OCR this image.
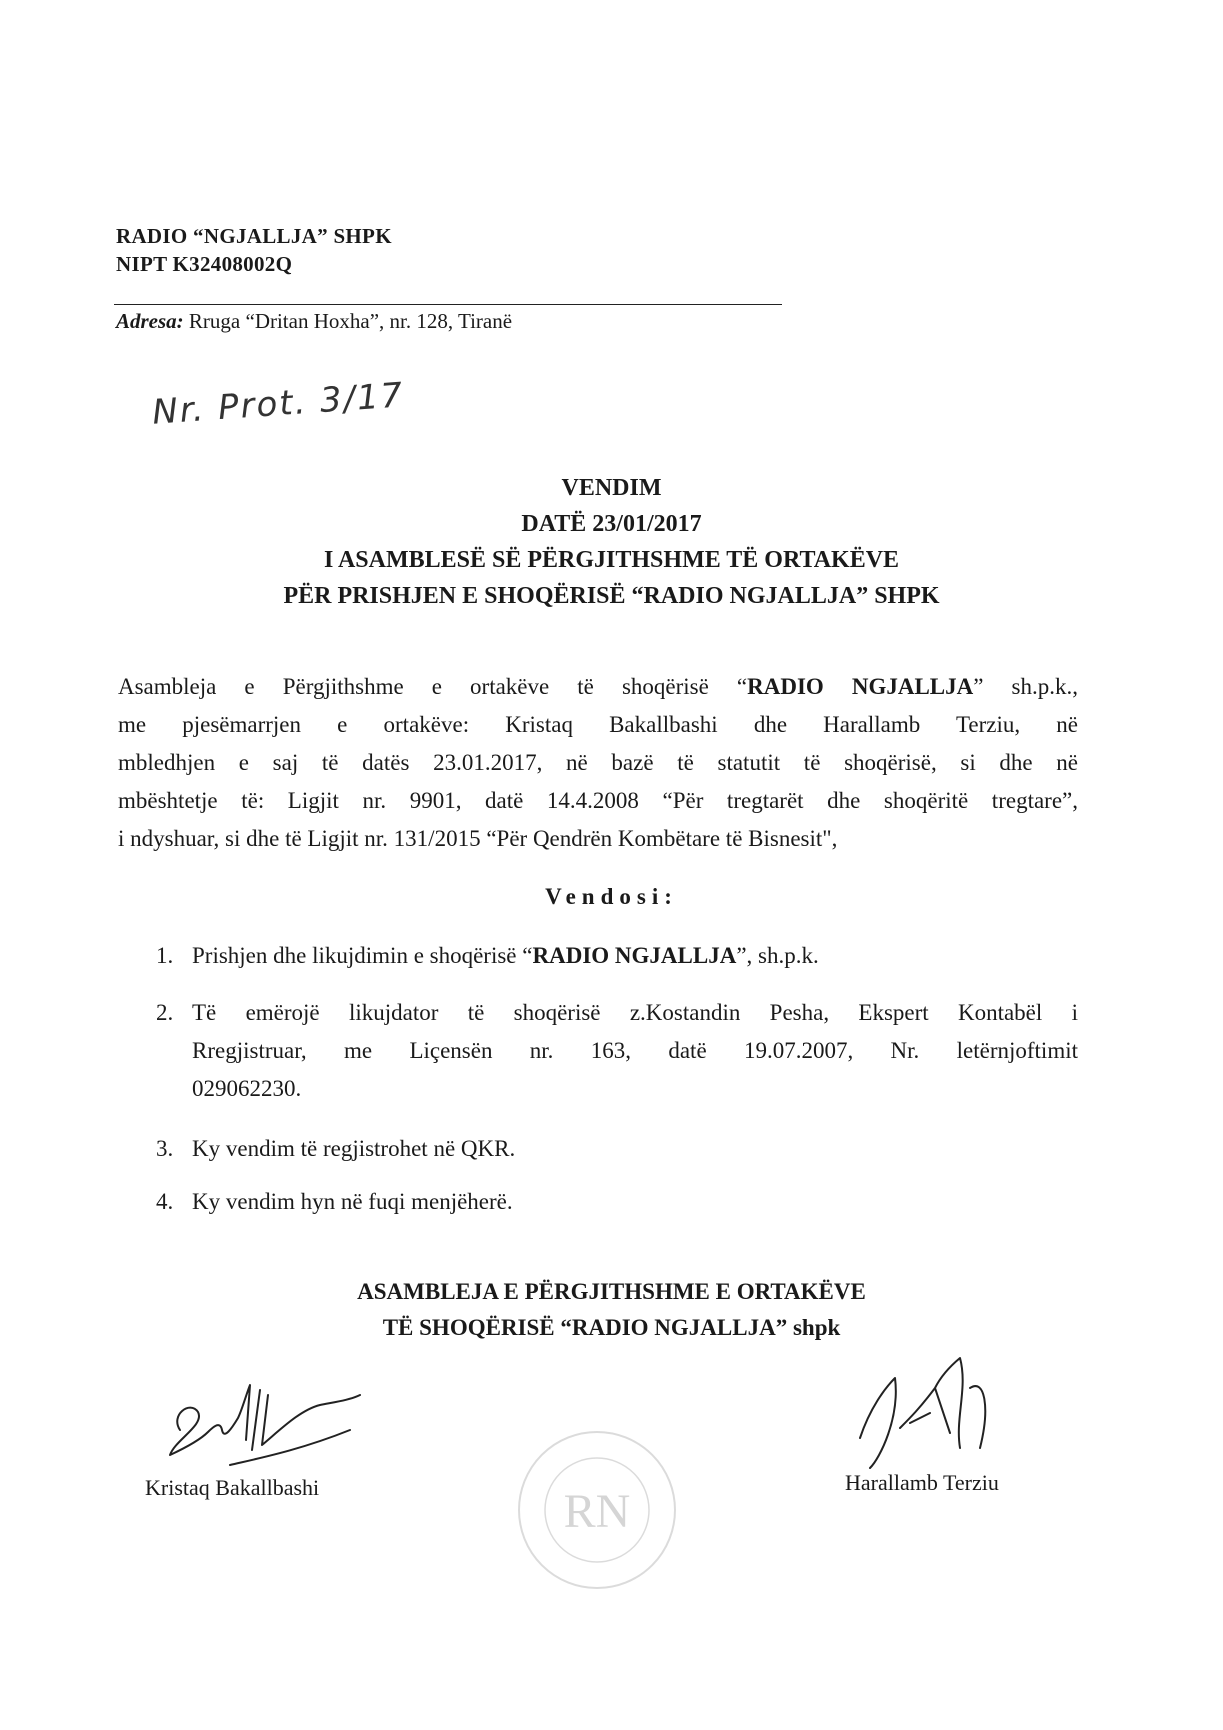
RADIO “NGJALLJA” SHPK
NIPT K32408002Q
Adresa: Rruga “Dritan Hoxha”, nr. 128, Tiranë
Nr. Prot. 3/17
VENDIM
DATË 23/01/2017
I ASAMBLESË SË PËRGJITHSHME TË ORTAKËVE
PËR PRISHJEN E SHOQËRISË “RADIO NGJALLJA” SHPK
Asambleja e Përgjithshme e ortakëve të shoqërisë “RADIO NGJALLJA” sh.p.k.,
me pjesëmarrjen e ortakëve: Kristaq Bakallbashi dhe Harallamb Terziu, në
mbledhjen e saj të datës 23.01.2017, në bazë të statutit të shoqërisë, si dhe në
mbështetje të: Ligjit nr. 9901, datë 14.4.2008 “Për tregtarët dhe shoqëritë tregtare”,
i ndyshuar, si dhe të Ligjit nr. 131/2015 “Për Qendrën Kombëtare të Bisnesit",
Vendosi:
1. Prishjen dhe likujdimin e shoqërisë “RADIO NGJALLJA”, sh.p.k.
2. Të emërojë likujdator të shoqërisë z.Kostandin Pesha, Ekspert Kontabël i
Rregjistruar, me Liçensën nr. 163, datë 19.07.2007, Nr. letërnjoftimit
029062230.
3. Ky vendim të regjistrohet në QKR.
4. Ky vendim hyn në fuqi menjëherë.
ASAMBLEJA E PËRGJITHSHME E ORTAKËVE
TË SHOQËRISË “RADIO NGJALLJA” shpk
Kristaq Bakallbashi	RN
Harallamb Terziu
